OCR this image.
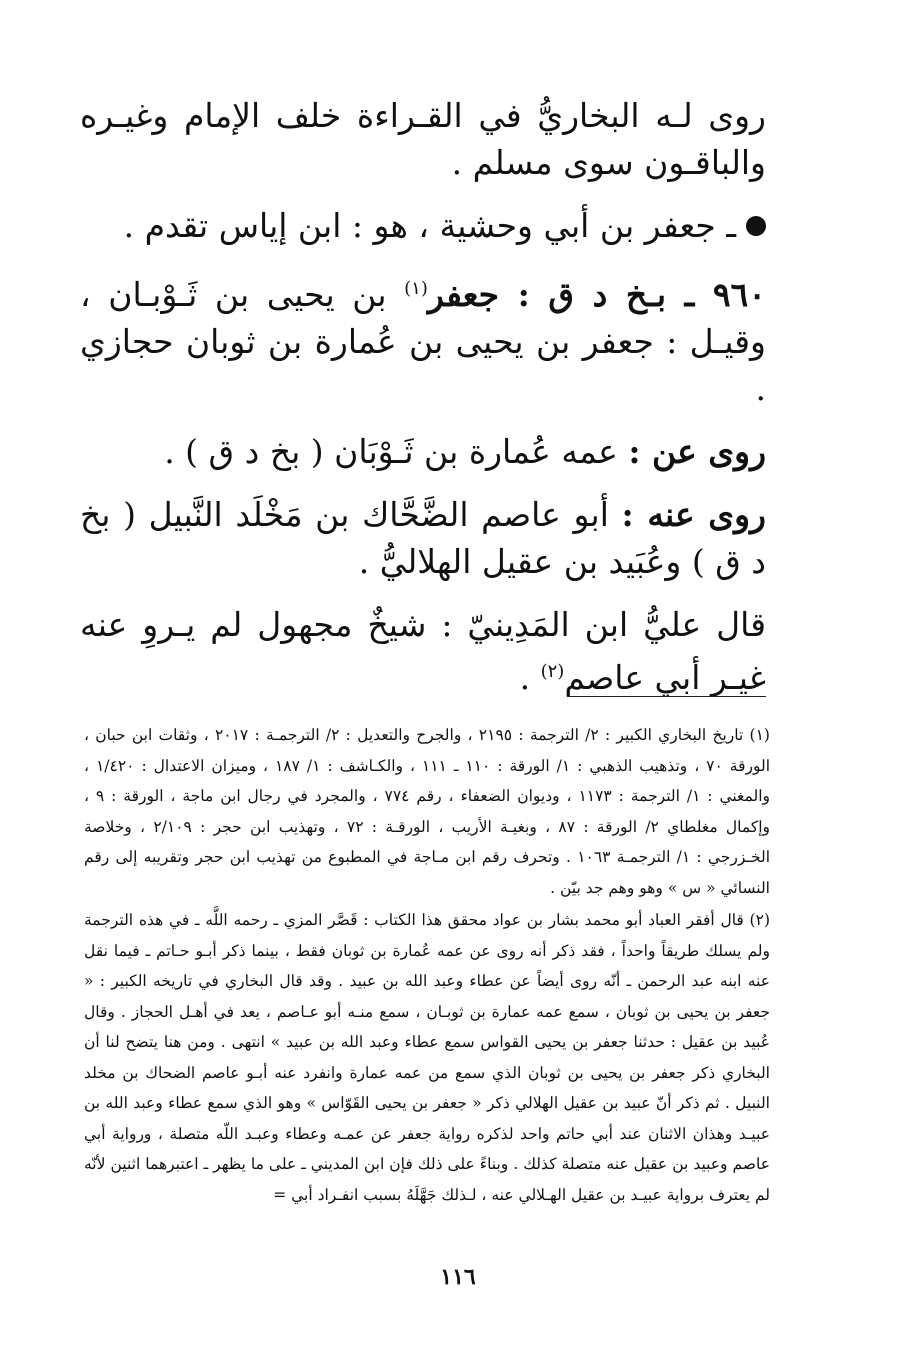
روى لـه البخاريُّ في القـراءة خلف الإمام وغيـره والباقـون سوى مسلم .

ـ جعفر بن أبي وحشية ، هو : ابن إياس تقدم .

٩٦٠ ـ بـخ د ق : جعفر$^{(١)}$ بن يحيى بن ثَـوْبـان ، وقيـل : جعفر بن يحيى بن عُمارة بن ثوبان حجازي .

روى عن : عمه عُمارة بن ثَـوْبَان ( بخ د ق ) .

روى عنه : أبو عاصم الضَّحَّاك بن مَخْلَد النَّبيل ( بخ د ق ) وعُبَيد بن عقيل الهلاليُّ .

قال عليُّ ابن المَدِينيّ : شيخٌ مجهول لم يـروِ عنه غيـر أبي عاصم$^{(٢)}$ .

(١) تاريخ البخاري الكبير : ٢/ الترجمة : ٢١٩٥ ، والجرح والتعديل : ٢/ الترجمـة : ٢٠١٧ ، وثقات ابن حبان ، الورقة ٧٠ ، وتذهيب الذهبي : ١/ الورقة : ١١٠ ـ ١١١ ، والكـاشف : ١/ ١٨٧ ، وميزان الاعتدال : ١/٤٢٠ ، والمغني : ١/ الترجمة : ١١٧٣ ، وديوان الضعفاء ، رقم ٧٧٤ ، والمجرد في رجال ابن ماجة ، الورقة : ٩ ، وإكمال مغلطاي ٢/ الورقة : ٨٧ ، وبغيـة الأريب ، الورقـة : ٧٢ ، وتهذيب ابن حجر : ٢/١٠٩ ، وخلاصة الخـزرجي : ١/ الترجمـة ١٠٦٣ . وتحرف رقم ابن مـاجة في المطبوع من تهذيب ابن حجر وتقريبه إلى رقم النسائي « س » وهو وهم جد بيّن .

(٢) قال أفقر العباد أبو محمد بشار بن عواد محقق هذا الكتاب : قَصَّر المزي ـ رحمه اللَّه ـ في هذه الترجمة ولم يسلك طريقاً واحداً ، فقد ذكر أنه روى عن عمه عُمارة بن ثوبان فقط ، بينما ذكر أبـو حـاتم ـ فيما نقل عنه ابنه عبد الرحمن ـ أنّه روى أيضاً عن عطاء وعبد الله بن عبيد . وقد قال البخاري في تاريخه الكبير : « جعفر بن يحيى بن ثوبان ، سمع عمه عمارة بن ثوبـان ، سمع منـه أبو عـاصم ، يعد في أهـل الحجاز . وقال عُبيد بن عقيل : حدثنا جعفر بن يحيى القواس سمع عطاء وعبد الله بن عبيد » انتهى . ومن هنا يتضح لنا أن البخاري ذكر جعفر بن يحيى بن ثوبان الذي سمع من عمه عمارة وانفرد عنه أبـو عاصم الضحاك بن مخلد النبيل . ثم ذكر أنّ عبيد بن عقيل الهلالي ذكر « جعفر بن يحيى القَوّاس » وهو الذي سمع عطاء وعبد الله بن عبيـد وهذان الاثنان عند أبي حاتم واحد لذكره رواية جعفر عن عمـه وعطاء وعبـد اللّه متصلة ، ورواية أبي عاصم وعبيد بن عقيل عنه متصلة كذلك . وبناءً على ذلك فإن ابن المديني ـ على ما يظهر ـ اعتبرهما اثنين لأنّه لم يعترف برواية عبيـد بن عقيل الهـلالي عنه ، لـذلك جَهَّلَهُ بسبب انفـراد أبي =

١١٦
